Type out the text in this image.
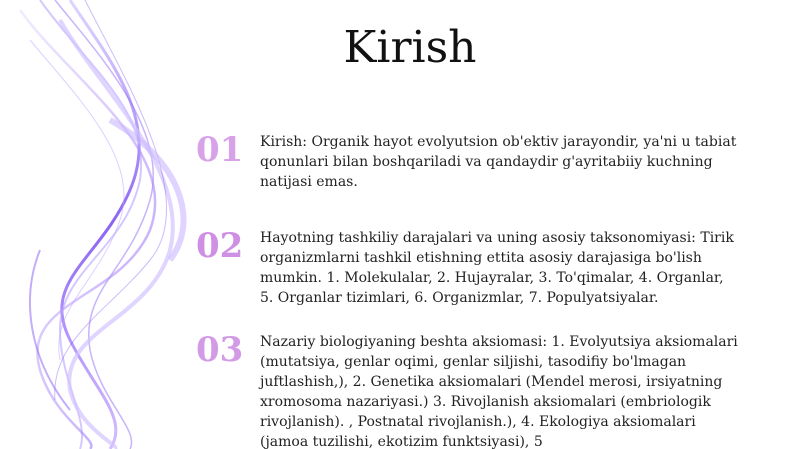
Kirish
01 Kirish: Organik hayot evolyutsion ob'ektiv jarayondir, ya'ni u tabiat qonunlari bilan boshqariladi va qandaydir g'ayritabiiy kuchning natijasi emas.
02 Hayotning tashkiliy darajalari va uning asosiy taksonomiyasi: Tirik organizmlarni tashkil etishning ettita asosiy darajasiga bo'lish mumkin. 1. Molekulalar, 2. Hujayralar, 3. To'qimalar, 4. Organlar, 5. Organlar tizimlari, 6. Organizmlar, 7. Populyatsiyalar.
03 Nazariy biologiyaning beshta aksiomasi: 1. Evolyutsiya aksiomalari (mutatsiya, genlar oqimi, genlar siljishi, tasodifiy bo'lmagan juftlashish,), 2. Genetika aksiomalari (Mendel merosi, irsiyatning xromosoma nazariyasi.) 3. Rivojlanish aksiomalari (embriologik rivojlanish). , Postnatal rivojlanish.), 4. Ekologiya aksiomalari (jamoa tuzilishi, ekotizim funktsiyasi), 5
